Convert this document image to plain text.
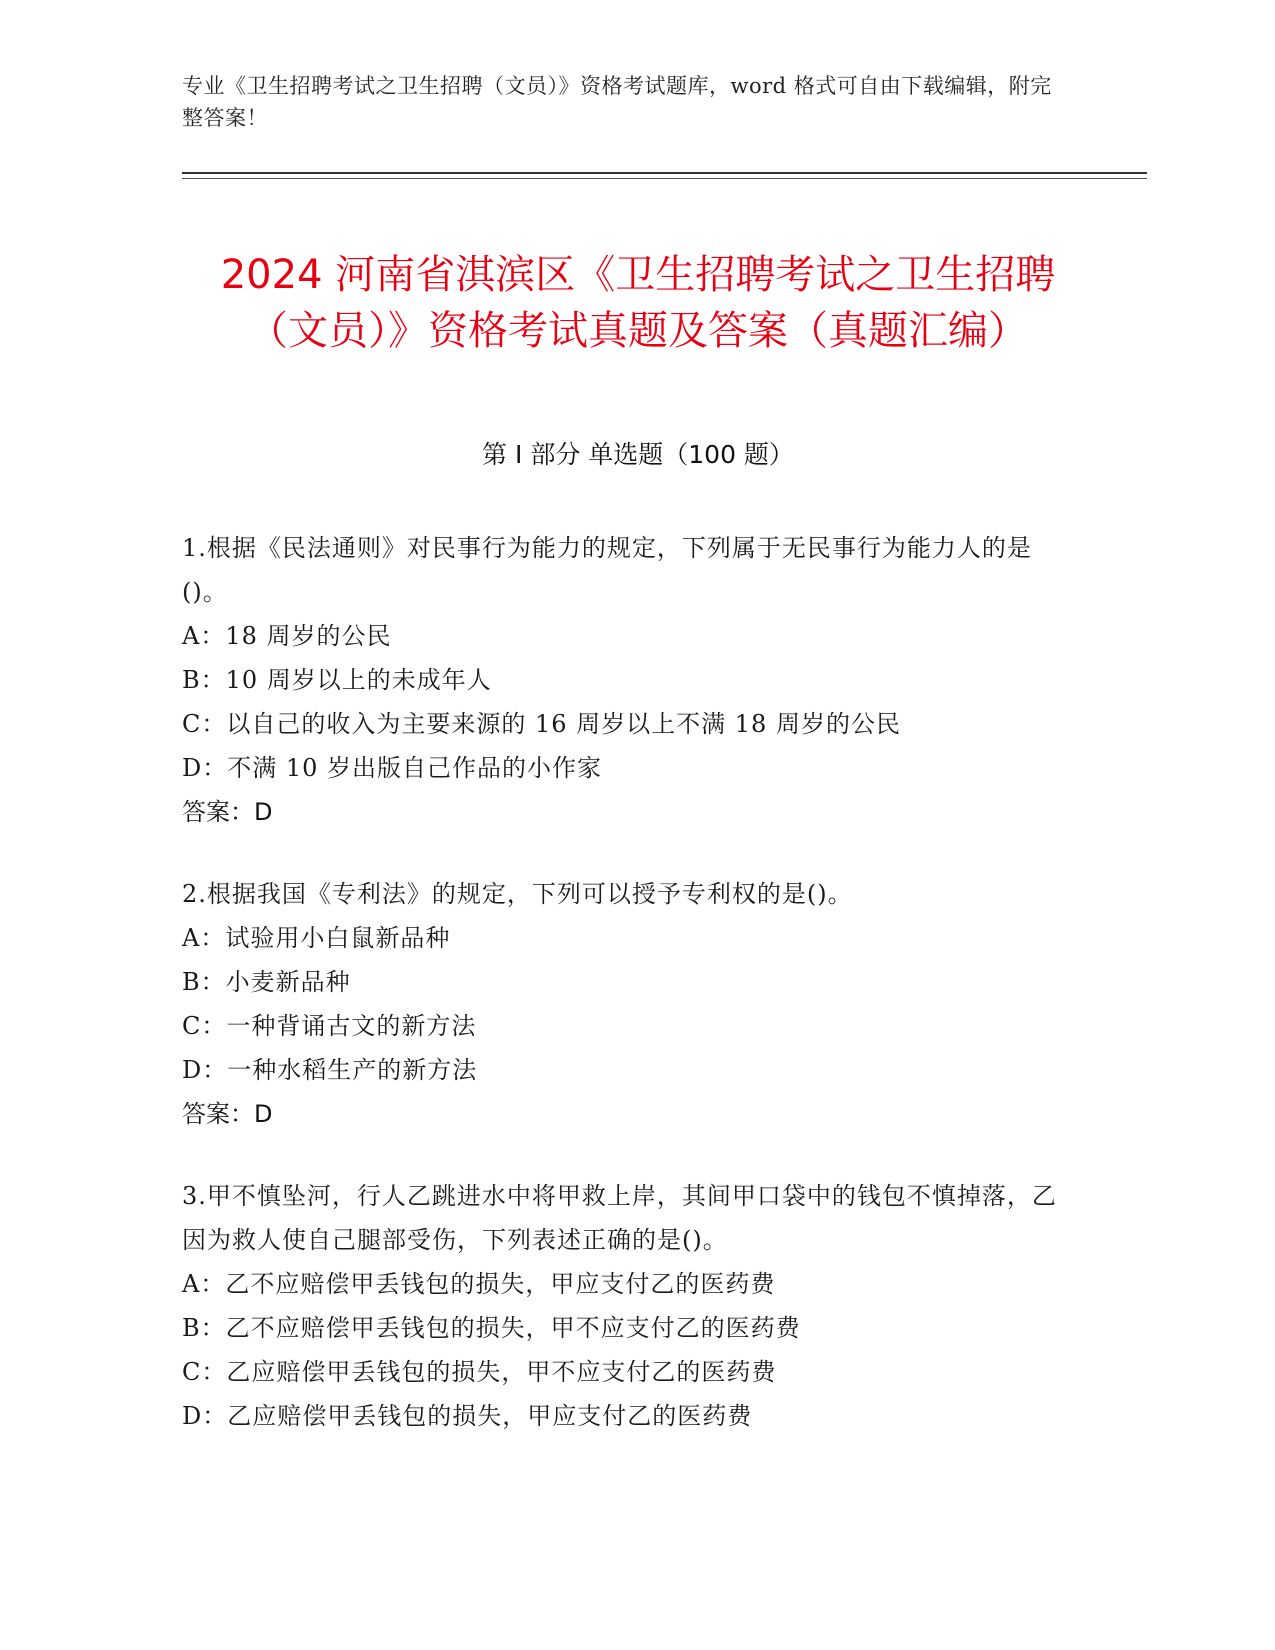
专业《卫生招聘考试之卫生招聘（文员）》资格考试题库，word 格式可自由下载编辑，附完整答案！
2024 河南省淇滨区《卫生招聘考试之卫生招聘（文员）》资格考试真题及答案（真题汇编）
第 I 部分 单选题（100 题）
1.根据《民法通则》对民事行为能力的规定，下列属于无民事行为能力人的是()。
A：18 周岁的公民
B：10 周岁以上的未成年人
C：以自己的收入为主要来源的 16 周岁以上不满 18 周岁的公民
D：不满 10 岁出版自己作品的小作家
答案：D
2.根据我国《专利法》的规定，下列可以授予专利权的是()。
A：试验用小白鼠新品种
B：小麦新品种
C：一种背诵古文的新方法
D：一种水稻生产的新方法
答案：D
3.甲不慎坠河，行人乙跳进水中将甲救上岸，其间甲口袋中的钱包不慎掉落，乙因为救人使自己腿部受伤，下列表述正确的是()。
A：乙不应赔偿甲丢钱包的损失，甲应支付乙的医药费
B：乙不应赔偿甲丢钱包的损失，甲不应支付乙的医药费
C：乙应赔偿甲丢钱包的损失，甲不应支付乙的医药费
D：乙应赔偿甲丢钱包的损失，甲应支付乙的医药费
